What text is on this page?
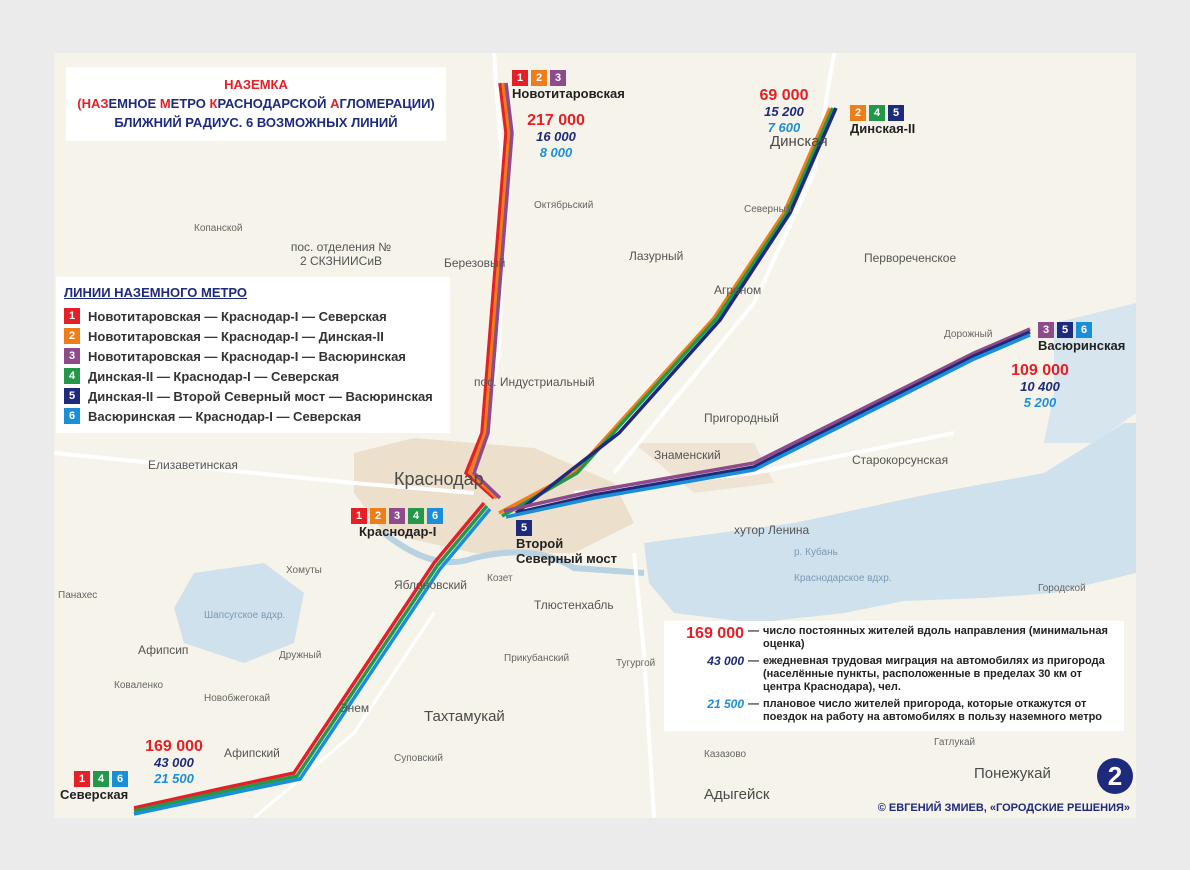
Краснодар
Тахтамукай
Адыгейск
Яблоновский
Афипский
Афипсип
Елизаветинская
Знаменский
Пригородный
Старокорсунская
хутор Ленина
Лазурный	Первореченское
Березовый
Копанской
пос. отделения № 2 СКЗНИИСиВ
пос. Индустриальный
Динская
Октябрьский
Понежукай
Тлюстенхабль
Энем
Козет
Дружный
Коваленко
Новобжегокай
Суповский
Северный
Агроном
Дорожный
Хомуты
Панахес
Шапсугское вдхр.
Краснодарское вдхр.
р. Кубань
Гатлукай
Казазово
Городской
Тугургой
Прикубанский
НАЗЕМКА
(НАЗЕМНОЕ МЕТРО КРАСНОДАРСКОЙ АГЛОМЕРАЦИИ)
БЛИЖНИЙ РАДИУС. 6 ВОЗМОЖНЫХ ЛИНИЙ
ЛИНИИ НАЗЕМНОГО МЕТРО
1 Новотитаровская — Краснодар-I — Северская
2 Новотитаровская — Краснодар-I — Динская-II
3 Новотитаровская — Краснодар-I — Васюринская
4 Динская-II — Краснодар-I — Северская
5 Динская-II — Второй Северный мост — Васюринская
6 Васюринская — Краснодар-I — Северская
1	2	3
Новотитаровская
217 000
16 000
8 000
69 000
15 200
7 600
2	4	5
Динская-II
3	5	6
Васюринская
109 000
10 400
5 200
1	2	3	4	6
Краснодар-I	5
Второй
Северный мост
169 000
43 000
21 500
1	4	6
Северская
169 000 — число постоянных жителей вдоль направления (минимальная оценка)
43 000 — ежедневная трудовая миграция на автомобилях из пригорода (населённые пункты, расположенные в пределах 30 км от центра Краснодара), чел.
21 500 — плановое число жителей пригорода, которые откажутся от поездок на работу на автомобилях в пользу наземного метро
2
© ЕВГЕНИЙ ЗМИЕВ, «ГОРОДСКИЕ РЕШЕНИЯ»
